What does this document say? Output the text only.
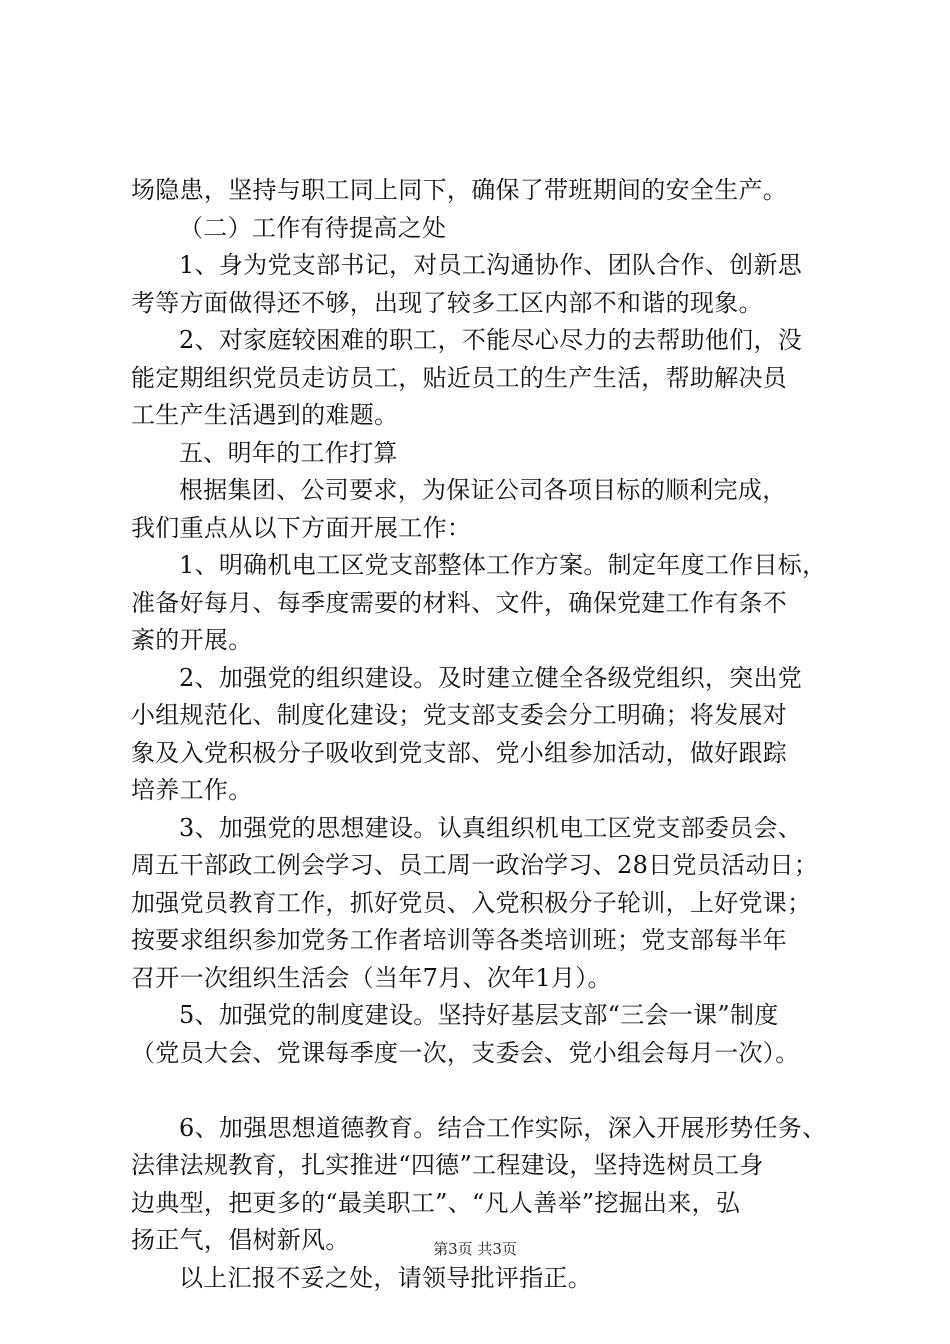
场隐患，坚持与职工同上同下，确保了带班期间的安全生产。
（二）工作有待提高之处
1、身为党支部书记，对员工沟通协作、团队合作、创新思
考等方面做得还不够，出现了较多工区内部不和谐的现象。
2、对家庭较困难的职工，不能尽心尽力的去帮助他们，没
能定期组织党员走访员工，贴近员工的生产生活，帮助解决员
工生产生活遇到的难题。
五、明年的工作打算
根据集团、公司要求，为保证公司各项目标的顺利完成，
我们重点从以下方面开展工作：
1、明确机电工区党支部整体工作方案。制定年度工作目标，
准备好每月、每季度需要的材料、文件，确保党建工作有条不
紊的开展。
2、加强党的组织建设。及时建立健全各级党组织，突出党
小组规范化、制度化建设；党支部支委会分工明确；将发展对
象及入党积极分子吸收到党支部、党小组参加活动，做好跟踪
培养工作。
3、加强党的思想建设。认真组织机电工区党支部委员会、
周五干部政工例会学习、员工周一政治学习、28日党员活动日；
加强党员教育工作，抓好党员、入党积极分子轮训，上好党课；
按要求组织参加党务工作者培训等各类培训班；党支部每半年
召开一次组织生活会（当年7月、次年1月）。
5、加强党的制度建设。坚持好基层支部“三会一课”制度
（党员大会、党课每季度一次，支委会、党小组会每月一次）。
6、加强思想道德教育。结合工作实际，深入开展形势任务、
法律法规教育，扎实推进“四德”工程建设，坚持选树员工身
边典型，把更多的“最美职工”、“凡人善举”挖掘出来，弘
扬正气，倡树新风。
以上汇报不妥之处，请领导批评指正。
第3页 共3页
